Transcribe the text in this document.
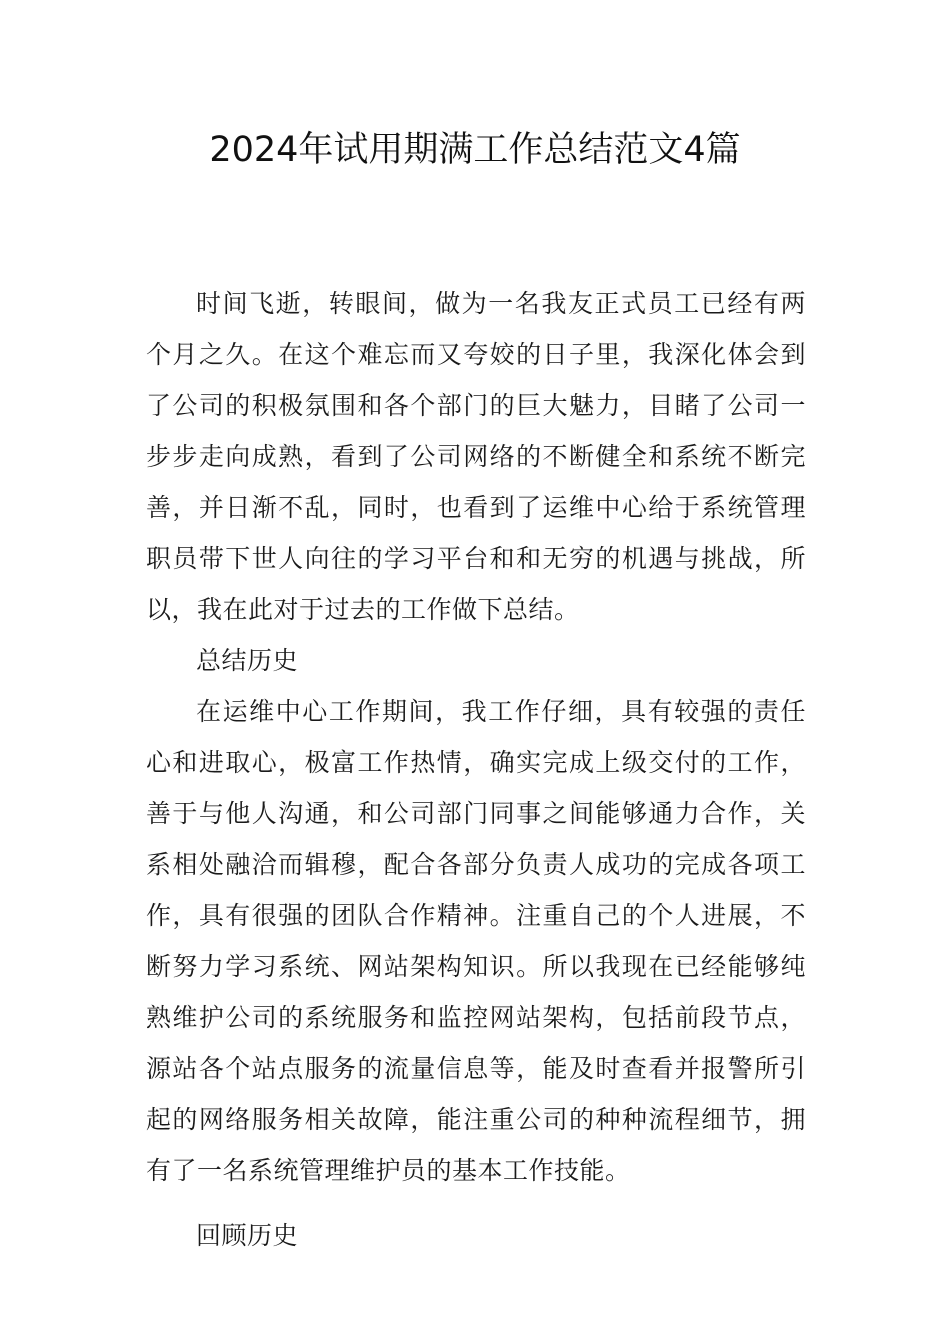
2024年试用期满工作总结范文4篇

时间飞逝，转眼间，做为一名我友正式员工已经有两个月之久。在这个难忘而又夸姣的日子里，我深化体会到了公司的积极氛围和各个部门的巨大魅力，目睹了公司一步步走向成熟，看到了公司网络的不断健全和系统不断完善，并日渐不乱，同时，也看到了运维中心给于系统管理职员带下世人向往的学习平台和和无穷的机遇与挑战，所以，我在此对于过去的工作做下总结。

总结历史

在运维中心工作期间，我工作仔细，具有较强的责任心和进取心，极富工作热情，确实完成上级交付的工作，善于与他人沟通，和公司部门同事之间能够通力合作，关系相处融洽而辑穆，配合各部分负责人成功的完成各项工作，具有很强的团队合作精神。注重自己的个人进展，不断努力学习系统、网站架构知识。所以我现在已经能够纯熟维护公司的系统服务和监控网站架构，包括前段节点，源站各个站点服务的流量信息等，能及时查看并报警所引起的网络服务相关故障，能注重公司的种种流程细节，拥有了一名系统管理维护员的基本工作技能。

回顾历史
